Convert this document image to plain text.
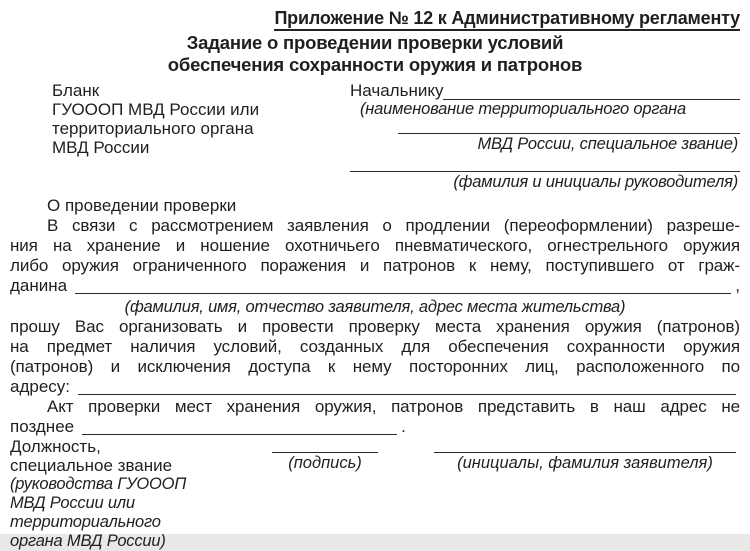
Приложение № 12 к Административному регламенту
Задание о проведении проверки условий
обеспечения сохранности оружия и патронов
Бланк
ГУОООП МВД России или
территориального органа
МВД России
Начальнику
(наименование территориального органа
МВД России, специальное звание)
(фамилия и инициалы руководителя)
О проведении проверки
В связи с рассмотрением заявления о продлении (переоформлении) разреше-
ния на хранение и ношение охотничьего пневматического, огнестрельного оружия
либо оружия ограниченного поражения и патронов к нему, поступившего от граж-
данина	,
(фамилия, имя, отчество заявителя, адрес места жительства)
прошу Вас организовать и провести проверку места хранения оружия (патронов)
на предмет наличия условий, созданных для обеспечения сохранности оружия
(патронов) и исключения доступа к нему посторонних лиц, расположенного по
адресу:
Акт проверки мест хранения оружия, патронов представить в наш адрес не
позднее	.
Должность,
специальное звание
(руководства ГУОООП
МВД России или территориального
органа МВД России)
(подпись)	(инициалы, фамилия заявителя)
